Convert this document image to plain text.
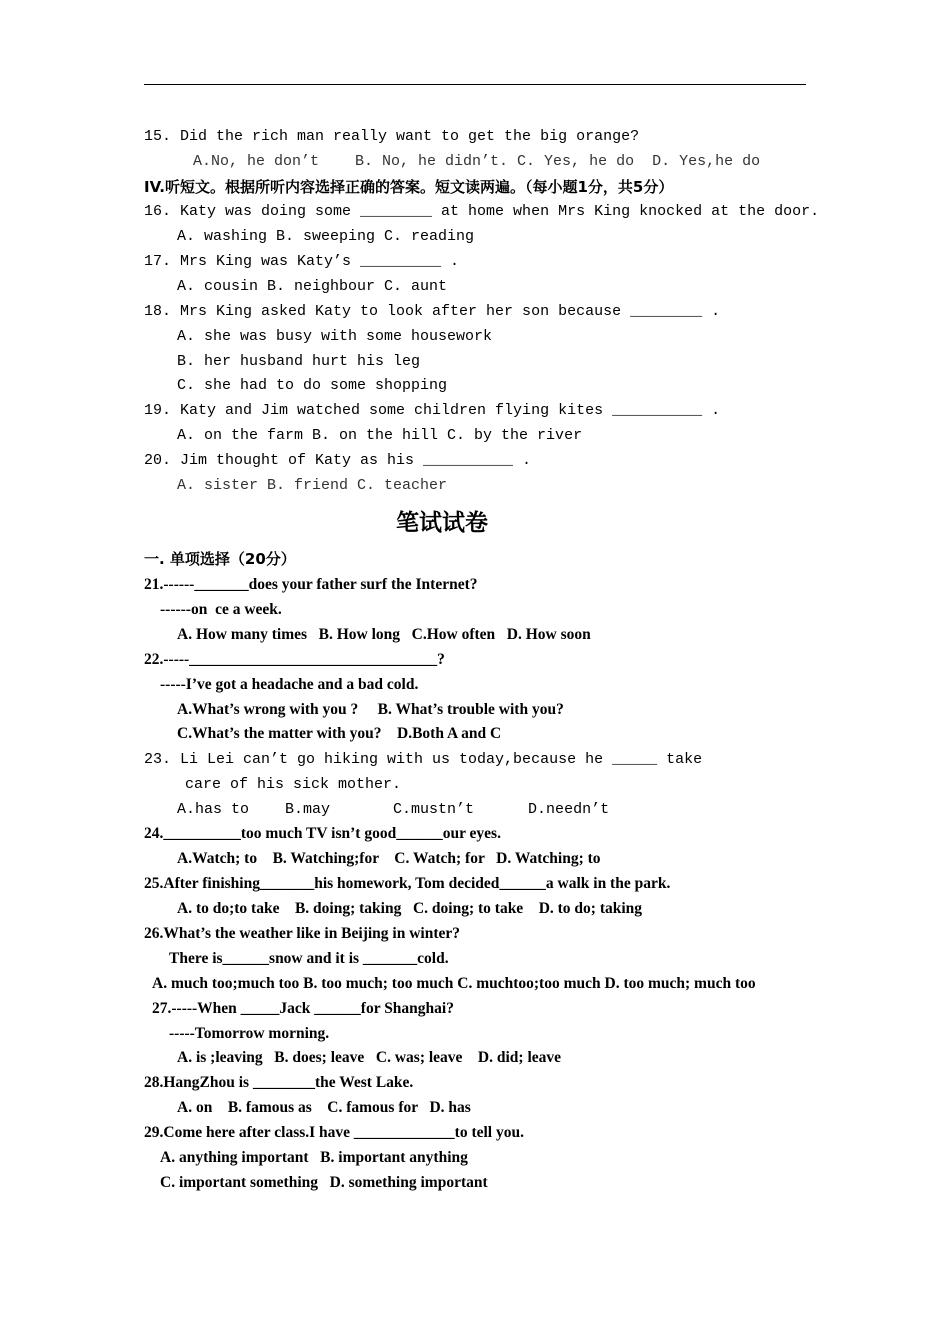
15. Did the rich man really want to get the big orange?
A.No, he don’t    B. No, he didn’t. C. Yes, he do  D. Yes,he do
IV.听短文。根据所听内容选择正确的答案。短文读两遍。（每小题1分，共5分）
16. Katy was doing some ________ at home when Mrs King knocked at the door.
A. washing B. sweeping C. reading
17. Mrs King was Katy’s _________ .
A. cousin B. neighbour C. aunt
18. Mrs King asked Katy to look after her son because ________ .
A. she was busy with some housework
B. her husband hurt his leg
C. she had to do some shopping
19. Katy and Jim watched some children flying kites __________ .
A. on the farm B. on the hill C. by the river
20. Jim thought of Katy as his __________ .
A. sister B. friend C. teacher
笔试试卷
一. 单项选择（20分）
21.------_______does your father surf the Internet?
------on  ce a week.
A. How many times   B. How long   C.How often   D. How soon
22.-----________________________________?
-----I’ve got a headache and a bad cold.
A.What’s wrong with you ?     B. What’s trouble with you?
C.What’s the matter with you?    D.Both A and C
23. Li Lei can’t go hiking with us today,because he _____ take
care of his sick mother.
A.has to    B.may       C.mustn’t      D.needn’t
24.__________too much TV isn’t good______our eyes.
A.Watch; to    B. Watching;for    C. Watch; for   D. Watching; to
25.After finishing_______his homework, Tom decided______a walk in the park.
A. to do;to take    B. doing; taking   C. doing; to take    D. to do; taking
26.What’s the weather like in Beijing in winter?
There is______snow and it is _______cold.
A. much too;much too B. too much; too much C. muchtoo;too much D. too much; much too
27.-----When _____Jack ______for Shanghai?
-----Tomorrow morning.
A. is ;leaving   B. does; leave   C. was; leave    D. did; leave
28.HangZhou is ________the West Lake.
A. on    B. famous as    C. famous for   D. has
29.Come here after class.I have _____________to tell you.
A. anything important   B. important anything
C. important something   D. something important
